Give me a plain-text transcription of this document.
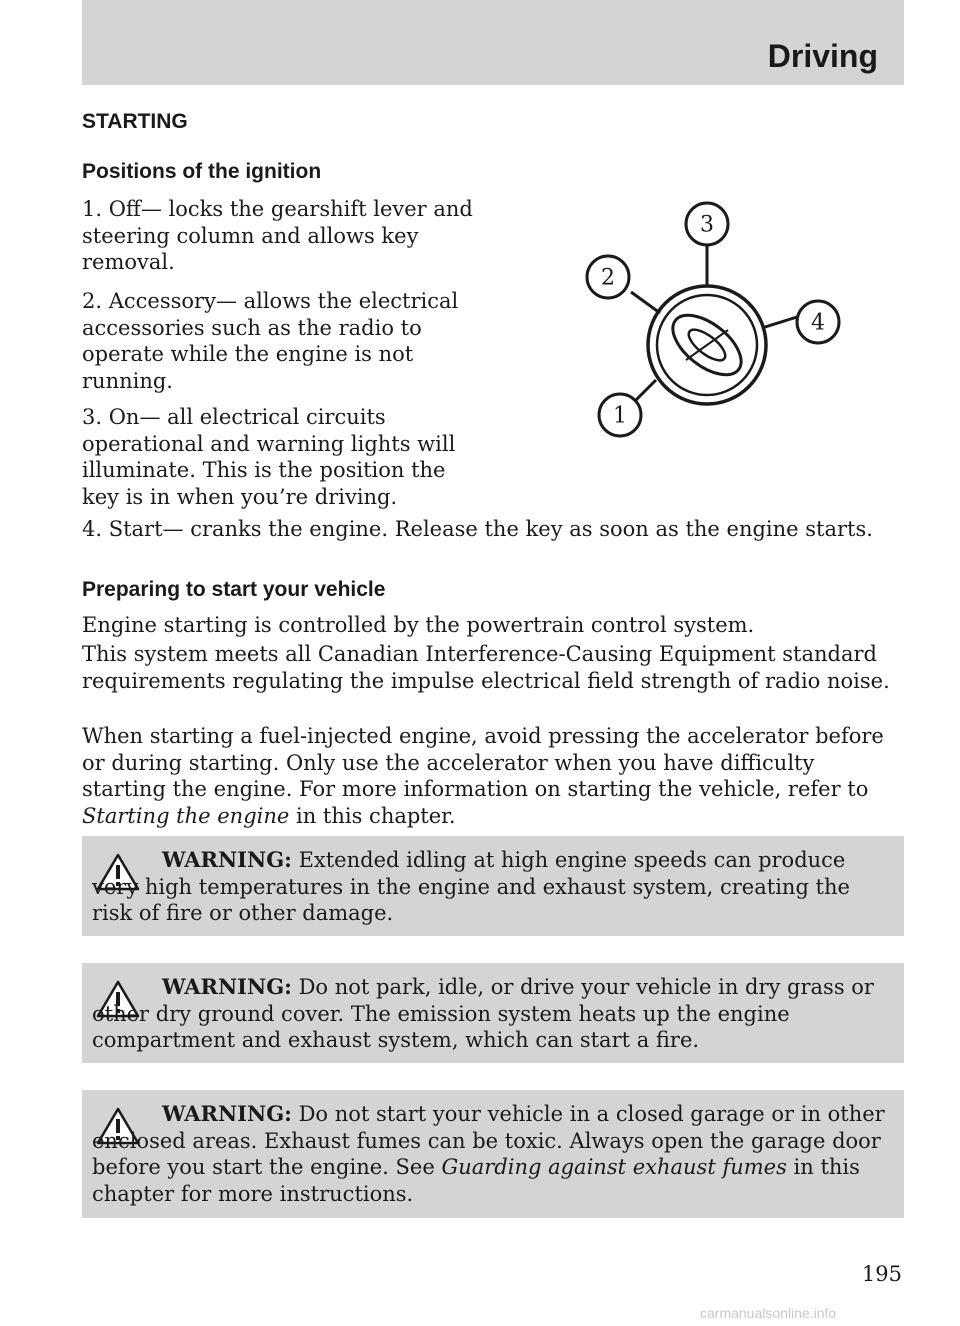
Driving
STARTING
Positions of the ignition

1. Off— locks the gearshift lever and steering column and allows key removal.

2. Accessory— allows the electrical accessories such as the radio to operate while the engine is not running.

3. On— all electrical circuits operational and warning lights will illuminate. This is the position the key is in when you’re driving.

4. Start— cranks the engine. Release the key as soon as the engine starts.

3
2
4
1
Preparing to start your vehicle

Engine starting is controlled by the powertrain control system.

This system meets all Canadian Interference-Causing Equipment standard requirements regulating the impulse electrical field strength of radio noise.

When starting a fuel-injected engine, avoid pressing the accelerator before or during starting. Only use the accelerator when you have difficulty starting the engine. For more information on starting the vehicle, refer to Starting the engine in this chapter.

WARNING: Extended idling at high engine speeds can produce very high temperatures in the engine and exhaust system, creating the risk of fire or other damage.

WARNING: Do not park, idle, or drive your vehicle in dry grass or other dry ground cover. The emission system heats up the engine compartment and exhaust system, which can start a fire.

WARNING: Do not start your vehicle in a closed garage or in other enclosed areas. Exhaust fumes can be toxic. Always open the garage door before you start the engine. See Guarding against exhaust fumes in this chapter for more instructions.

195
carmanualsonline.info
